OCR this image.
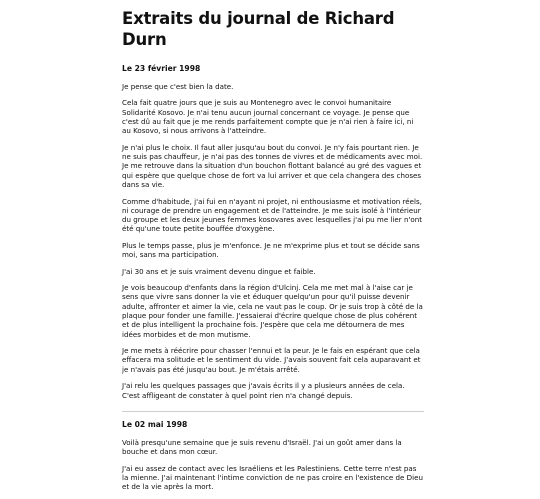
Extraits du journal de Richard Durn
Le 23 février 1998

Je pense que c'est bien la date.

Cela fait quatre jours que je suis au Montenegro avec le convoi humanitaire Solidarité Kosovo. Je n'ai tenu aucun journal concernant ce voyage. Je pense que c'est dû au fait que je me rends parfaitement compte que je n'ai rien à faire ici, ni au Kosovo, si nous arrivons à l'atteindre.

Je n'ai plus le choix. Il faut aller jusqu'au bout du convoi. Je n'y fais pourtant rien. Je ne suis pas chauffeur, je n'ai pas des tonnes de vivres et de médicaments avec moi. Je me retrouve dans la situation d'un bouchon flottant balancé au gré des vagues et qui espère que quelque chose de fort va lui arriver et que cela changera des choses dans sa vie.

Comme d'habitude, j'ai fui en n'ayant ni projet, ni enthousiasme et motivation réels, ni courage de prendre un engagement et de l'atteindre. Je me suis isolé à l'intérieur du groupe et les deux jeunes femmes kosovares avec lesquelles j'ai pu me lier n'ont été qu'une toute petite bouffée d'oxygène.

Plus le temps passe, plus je m'enfonce. Je ne m'exprime plus et tout se décide sans moi, sans ma participation.

J'ai 30 ans et je suis vraiment devenu dingue et faible.

Je vois beaucoup d'enfants dans la région d'Ulcinj. Cela me met mal à l'aise car je sens que vivre sans donner la vie et éduquer quelqu'un pour qu'il puisse devenir adulte, affronter et aimer la vie, cela ne vaut pas le coup. Or je suis trop à côté de la plaque pour fonder une famille. J'essaierai d'écrire quelque chose de plus cohérent et de plus intelligent la prochaine fois. J'espère que cela me détournera de mes idées morbides et de mon mutisme.

Je me mets à réécrire pour chasser l'ennui et la peur. Je le fais en espérant que cela effacera ma solitude et le sentiment du vide. J'avais souvent fait cela auparavant et je n'avais pas été jusqu'au bout. Je m'étais arrêté.

J'ai relu les quelques passages que j'avais écrits il y a plusieurs années de cela. C'est affligeant de constater à quel point rien n'a changé depuis.

Le 02 mai 1998

Voilà presqu'une semaine que je suis revenu d'Israël. J'ai un goût amer dans la bouche et dans mon cœur.

J'ai eu assez de contact avec les Israéliens et les Palestiniens. Cette terre n'est pas la mienne. J'ai maintenant l'intime conviction de ne pas croire en l'existence de Dieu et de la vie après la mort.
